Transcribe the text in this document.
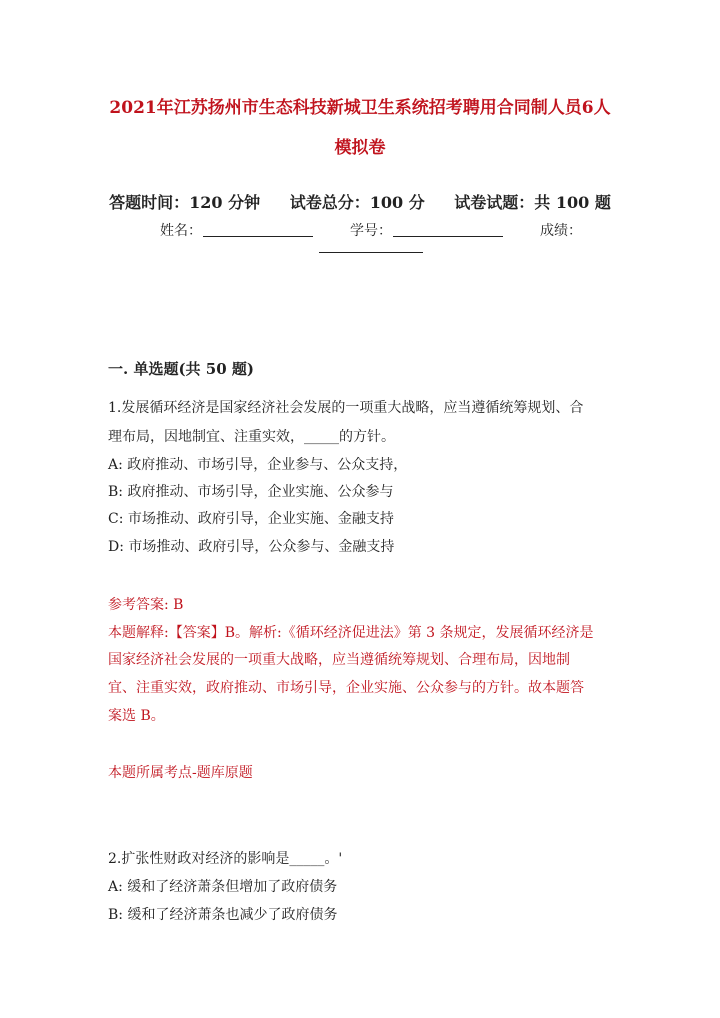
2021年江苏扬州市生态科技新城卫生系统招考聘用合同制人员6人
模拟卷
答题时间：120 分钟 试卷总分：100 分 试卷试题：共 100 题
姓名：	学号：	成绩：
一. 单选题(共 50 题)
1.发展循环经济是国家经济社会发展的一项重大战略，应当遵循统筹规划、合
理布局，因地制宜、注重实效，_____的方针。
A: 政府推动、市场引导，企业参与、公众支持，
B: 政府推动、市场引导，企业实施、公众参与
C: 市场推动、政府引导，企业实施、金融支持
D: 市场推动、政府引导，公众参与、金融支持
参考答案: B
本题解释:【答案】B。解析:《循环经济促进法》第 3 条规定，发展循环经济是
国家经济社会发展的一项重大战略，应当遵循统筹规划、合理布局，因地制
宜、注重实效，政府推动、市场引导，企业实施、公众参与的方针。故本题答
案选 B。
本题所属考点-题库原题
2.扩张性财政对经济的影响是_____。'
A: 缓和了经济萧条但增加了政府债务
B: 缓和了经济萧条也减少了政府债务
